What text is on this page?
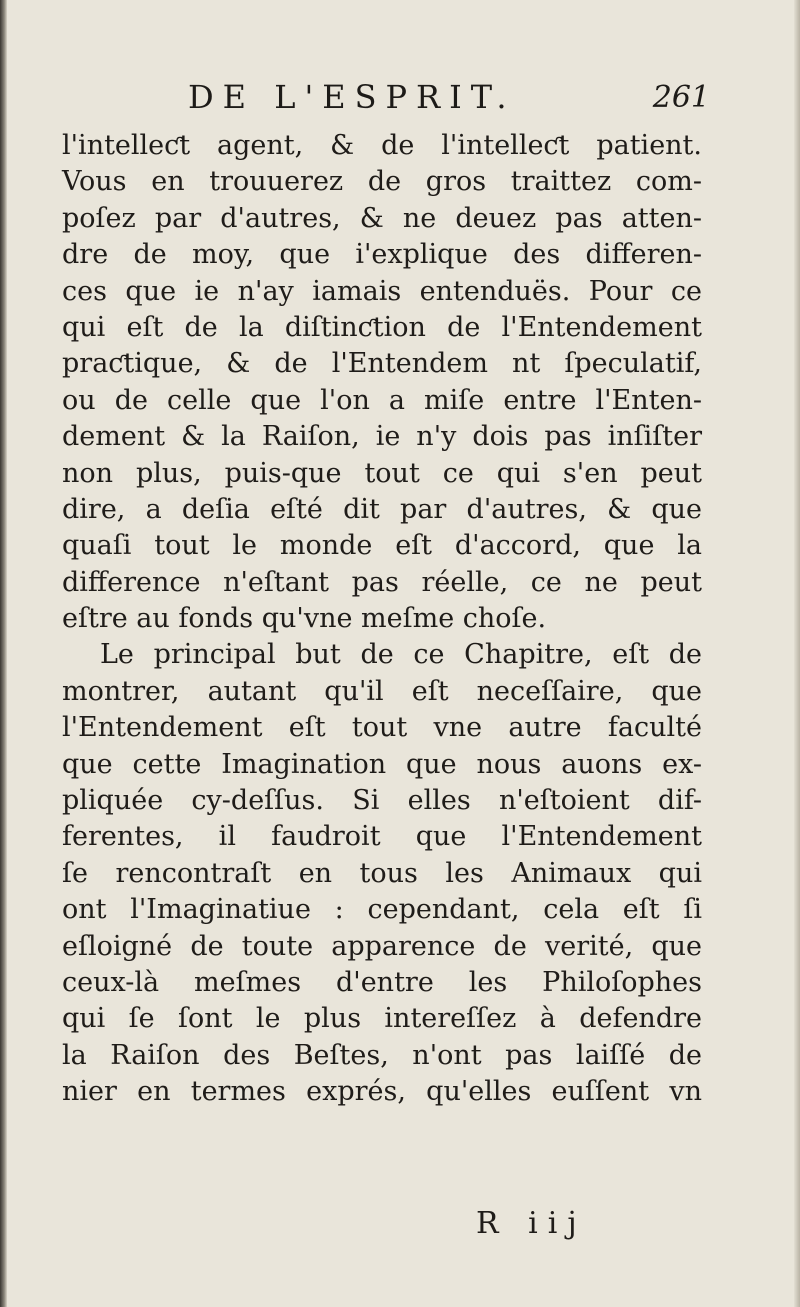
DE L'ESPRIT.	261
l'intelleƈt agent, & de l'intelleƈt patient.
Vous en trouuerez de gros traittez com-
poſez par d'autres, & ne deuez pas atten-
dre de moy, que i'explique des differen-
ces que ie n'ay iamais entenduës. Pour ce
qui eſt de la diſtinƈtion de l'Entendement
praƈtique, & de l'Entendem nt ſpeculatif,
ou de celle que l'on a miſe entre l'Enten-
dement & la Raiſon, ie n'y dois pas inſiſter
non plus, puis-que tout ce qui s'en peut
dire, a deſia eſté dit par d'autres, & que
quaſi tout le monde eſt d'accord, que la
difference n'eſtant pas réelle, ce ne peut
eſtre au fonds qu'vne meſme choſe.
Le principal but de ce Chapitre, eſt de
montrer, autant qu'il eſt neceſſaire, que
l'Entendement eſt tout vne autre faculté
que cette Imagination que nous auons ex-
pliquée cy-deſſus. Si elles n'eſtoient dif-
ferentes, il faudroit que l'Entendement
ſe rencontraſt en tous les Animaux qui
ont l'Imaginatiue : cependant, cela eſt ſi
eſloigné de toute apparence de verité, que
ceux-là meſmes d'entre les Philoſophes
qui ſe ſont le plus intereſſez à defendre
la Raiſon des Beſtes, n'ont pas laiſſé de
nier en termes exprés, qu'elles euſſent vn
R iij
